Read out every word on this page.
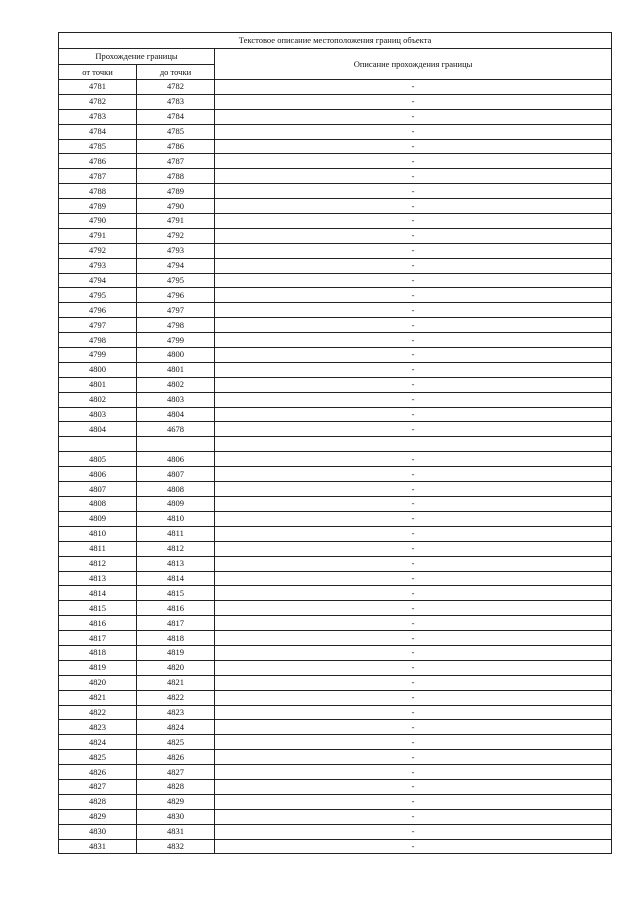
Текстовое описание местоположения границ объекта		
Прохождение границы		Описание прохождения границы
от точки	до точки	
4781	4782	-
4782	4783	-
4783	4784	-
4784	4785	-
4785	4786	-
4786	4787	-
4787	4788	-
4788	4789	-
4789	4790	-
4790	4791	-
4791	4792	-
4792	4793	-
4793	4794	-
4794	4795	-
4795	4796	-
4796	4797	-
4797	4798	-
4798	4799	-
4799	4800	-
4800	4801	-
4801	4802	-
4802	4803	-
4803	4804	-
4804	4678	-

4805	4806	-
4806	4807	-
4807	4808	-
4808	4809	-
4809	4810	-
4810	4811	-
4811	4812	-
4812	4813	-
4813	4814	-
4814	4815	-
4815	4816	-
4816	4817	-
4817	4818	-
4818	4819	-
4819	4820	-
4820	4821	-
4821	4822	-
4822	4823	-
4823	4824	-
4824	4825	-
4825	4826	-
4826	4827	-
4827	4828	-
4828	4829	-
4829	4830	-
4830	4831	-
4831	4832	-
